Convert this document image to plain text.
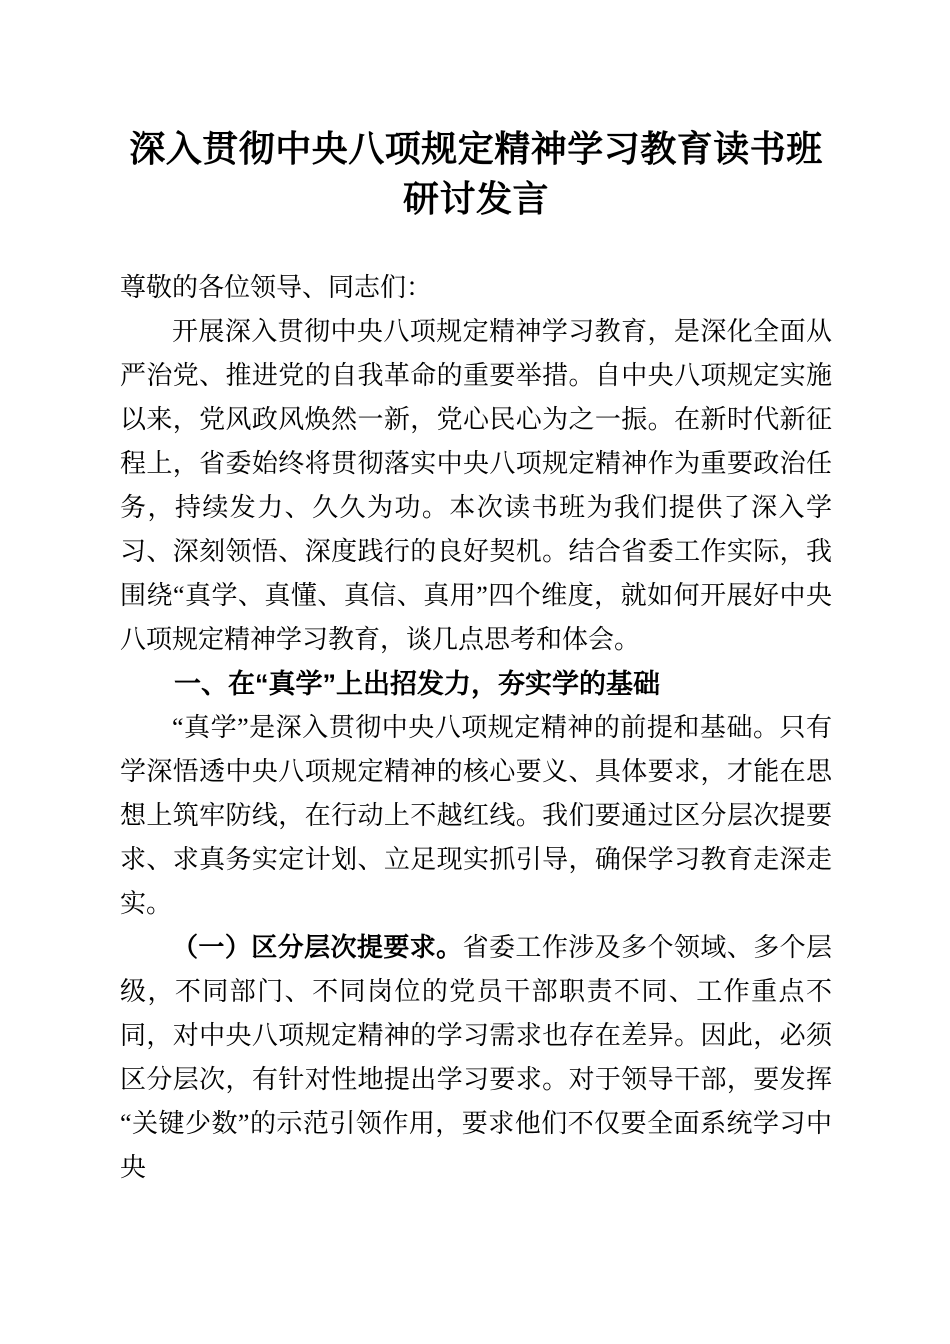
深入贯彻中央八项规定精神学习教育读书班研讨发言

尊敬的各位领导、同志们：

开展深入贯彻中央八项规定精神学习教育，是深化全面从严治党、推进党的自我革命的重要举措。自中央八项规定实施以来，党风政风焕然一新，党心民心为之一振。在新时代新征程上，省委始终将贯彻落实中央八项规定精神作为重要政治任务，持续发力、久久为功。本次读书班为我们提供了深入学习、深刻领悟、深度践行的良好契机。结合省委工作实际，我围绕“真学、真懂、真信、真用”四个维度，就如何开展好中央八项规定精神学习教育，谈几点思考和体会。

一、在“真学”上出招发力，夯实学的基础

“真学”是深入贯彻中央八项规定精神的前提和基础。只有学深悟透中央八项规定精神的核心要义、具体要求，才能在思想上筑牢防线，在行动上不越红线。我们要通过区分层次提要求、求真务实定计划、立足现实抓引导，确保学习教育走深走实。

（一）区分层次提要求。省委工作涉及多个领域、多个层级，不同部门、不同岗位的党员干部职责不同、工作重点不同，对中央八项规定精神的学习需求也存在差异。因此，必须区分层次，有针对性地提出学习要求。对于领导干部，要发挥“关键少数”的示范引领作用，要求他们不仅要全面系统学习中央
